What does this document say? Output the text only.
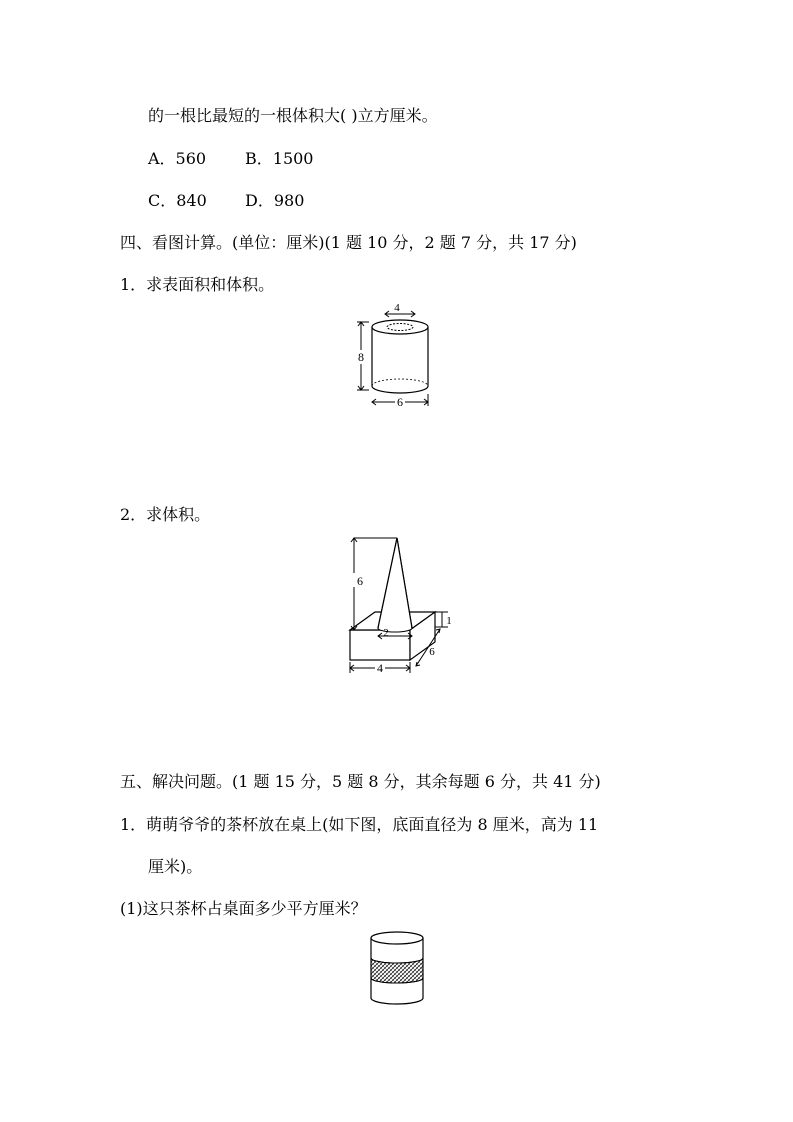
的一根比最短的一根体积大( )立方厘米。
A．560 B．1500
C．840 D．980
四、看图计算。(单位：厘米)(1 题 10 分，2 题 7 分，共 17 分)
1．求表面积和体积。
4
8
6
2．求体积。
2
6
1
6
4
五、解决问题。(1 题 15 分，5 题 8 分，其余每题 6 分，共 41 分)
1．萌萌爷爷的茶杯放在桌上(如下图，底面直径为 8 厘米，高为 11
厘米)。
(1)这只茶杯占桌面多少平方厘米？
